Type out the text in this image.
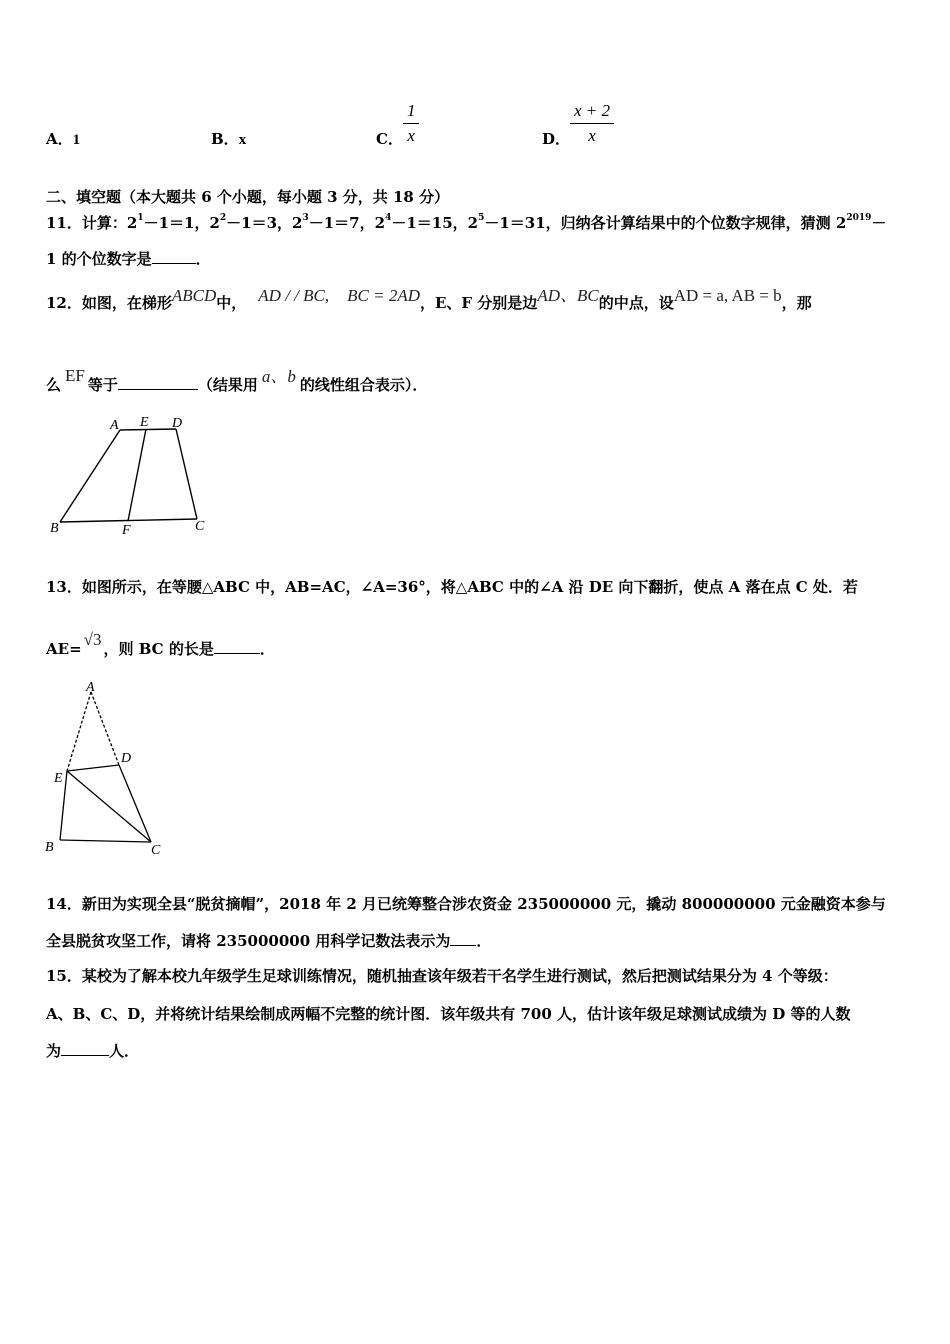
A．1	B．x	C． $\frac{1}{x}$	D． $\frac{x + 2}{x}$
二、填空题（本大题共 6 个小题，每小题 3 分，共 18 分）
11．计算：$2^1-1=1$，$2^2-1=3$，$2^3-1=7$，$2^4-1=15$，$2^5-1=31$，归纳各计算结果中的个位数字规律，猜测 $2^{2019}-$
1 的个位数字是	．
12．如图，在梯形ABCD中， AD / / BC, BC = 2AD，E、F 分别是边AD、BC的中点，设AD = a, AB = b，那
么 EF 等于	（结果用 a、b 的线性组合表示）．
A E D
B	F	C
13．如图所示，在等腰△ABC 中，AB=AC，∠A=36°，将△ABC 中的∠A 沿 DE 向下翻折，使点 A 落在点 C 处．若
AE= √3 ，则 BC 的长是	．
A
D
E
B	C
14．新田为实现全县“脱贫摘帽”，2018 年 2 月已统筹整合涉农资金 235000000 元，撬动 800000000 元金融资本参与
全县脱贫攻坚工作，请将 235000000 用科学记数法表示为 ．
15．某校为了解本校九年级学生足球训练情况，随机抽查该年级若干名学生进行测试，然后把测试结果分为 4 个等级：
A、B、C、D，并将统计结果绘制成两幅不完整的统计图．该年级共有 700 人，估计该年级足球测试成绩为 D 等的人数
为	人．
